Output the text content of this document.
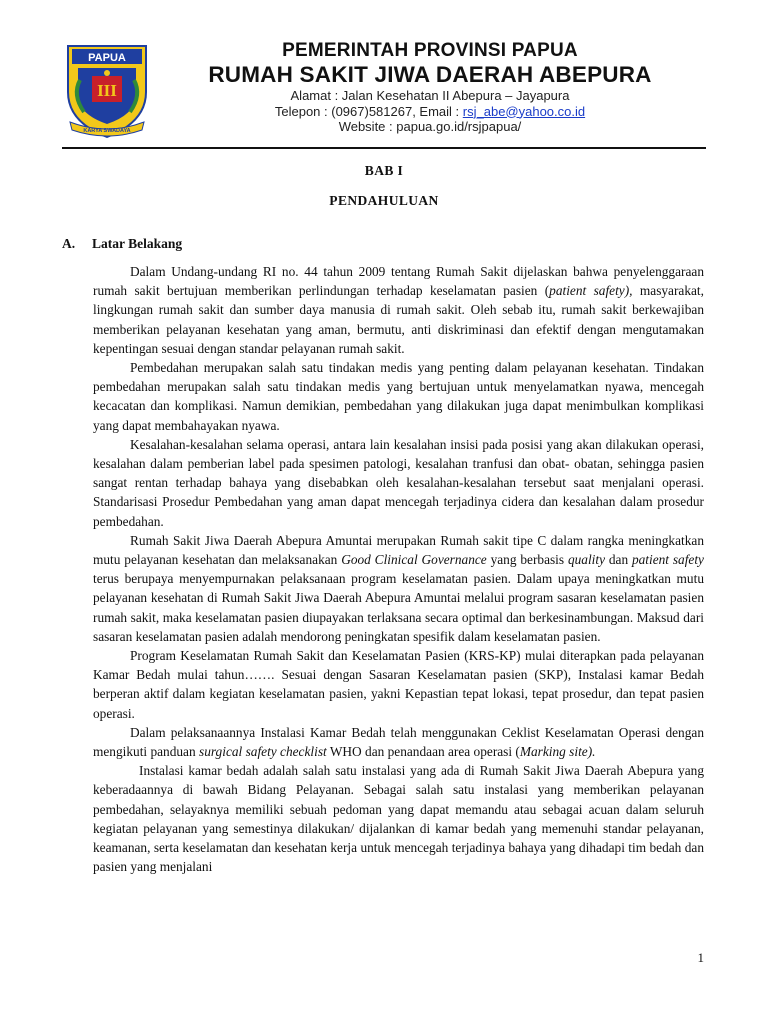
PAPUA
III
KARYA SWADAYA
PEMERINTAH PROVINSI PAPUA
RUMAH SAKIT JIWA DAERAH ABEPURA
Alamat : Jalan Kesehatan II Abepura – Jayapura
Telepon : (0967)581267, Email : rsj_abe@yahoo.co.id
Website : papua.go.id/rsjpapua/
BAB I
PENDAHULUAN
A. Latar Belakang

Dalam Undang-undang RI no. 44 tahun 2009 tentang Rumah Sakit dijelaskan bahwa penyelenggaraan rumah sakit bertujuan memberikan perlindungan terhadap keselamatan pasien (patient safety), masyarakat, lingkungan rumah sakit dan sumber daya manusia di rumah sakit. Oleh sebab itu, rumah sakit berkewajiban memberikan pelayanan kesehatan yang aman, bermutu, anti diskriminasi dan efektif dengan mengutamakan kepentingan sesuai dengan standar pelayanan rumah sakit.

Pembedahan merupakan salah satu tindakan medis yang penting dalam pelayanan kesehatan. Tindakan pembedahan merupakan salah satu tindakan medis yang bertujuan untuk menyelamatkan nyawa, mencegah kecacatan dan komplikasi. Namun demikian, pembedahan yang dilakukan juga dapat menimbulkan komplikasi yang dapat membahayakan nyawa.

Kesalahan-kesalahan selama operasi, antara lain kesalahan insisi pada posisi yang akan dilakukan operasi, kesalahan dalam pemberian label pada spesimen patologi, kesalahan tranfusi dan obat- obatan, sehingga pasien sangat rentan terhadap bahaya yang disebabkan oleh kesalahan-kesalahan tersebut saat menjalani operasi. Standarisasi Prosedur Pembedahan yang aman dapat mencegah terjadinya cidera dan kesalahan dalam prosedur pembedahan.

Rumah Sakit Jiwa Daerah Abepura Amuntai merupakan Rumah sakit tipe C dalam rangka meningkatkan mutu pelayanan kesehatan dan melaksanakan Good Clinical Governance yang berbasis quality dan patient safety terus berupaya menyempurnakan pelaksanaan program keselamatan pasien. Dalam upaya meningkatkan mutu pelayanan kesehatan di Rumah Sakit Jiwa Daerah Abepura Amuntai melalui program sasaran keselamatan pasien rumah sakit, maka keselamatan pasien diupayakan terlaksana secara optimal dan berkesinambungan. Maksud dari sasaran keselamatan pasien adalah mendorong peningkatan spesifik dalam keselamatan pasien.

Program Keselamatan Rumah Sakit dan Keselamatan Pasien (KRS-KP) mulai diterapkan pada pelayanan Kamar Bedah mulai tahun……. Sesuai dengan Sasaran Keselamatan pasien (SKP), Instalasi kamar Bedah berperan aktif dalam kegiatan keselamatan pasien, yakni Kepastian tepat lokasi, tepat prosedur, dan tepat pasien operasi.

Dalam pelaksanaannya Instalasi Kamar Bedah telah menggunakan Ceklist Keselamatan Operasi dengan mengikuti panduan surgical safety checklist WHO dan penandaan area operasi (Marking site).

Instalasi kamar bedah adalah salah satu instalasi yang ada di Rumah Sakit Jiwa Daerah Abepura yang keberadaannya di bawah Bidang Pelayanan. Sebagai salah satu instalasi yang memberikan pelayanan pembedahan, selayaknya memiliki sebuah pedoman yang dapat memandu atau sebagai acuan dalam seluruh kegiatan pelayanan yang semestinya dilakukan/ dijalankan di kamar bedah yang memenuhi standar pelayanan, keamanan, serta keselamatan dan kesehatan kerja untuk mencegah terjadinya bahaya yang dihadapi tim bedah dan pasien yang menjalani

1
